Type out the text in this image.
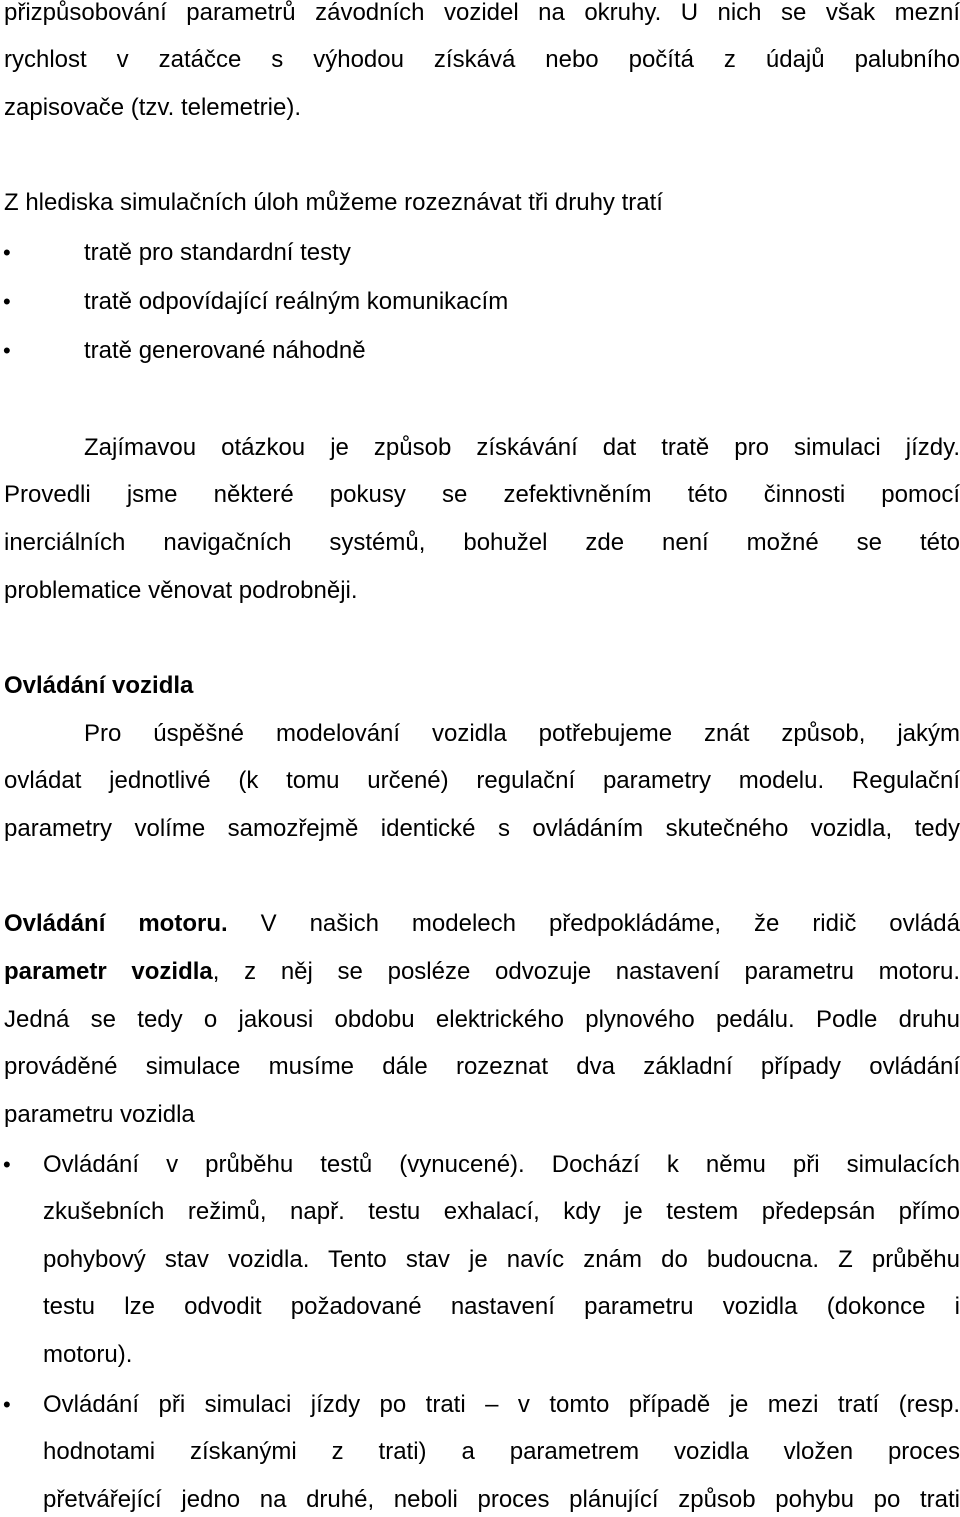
přizpůsobování parametrů závodních vozidel na okruhy. U nich se však mezní
rychlost v zatáčce s výhodou získává nebo počítá z údajů palubního
zapisovače (tzv. telemetrie).
Z hlediska simulačních úloh můžeme rozeznávat tři druhy tratí
•	tratě pro standardní testy
•	tratě odpovídající reálným komunikacím
•	tratě generované náhodně
Zajímavou otázkou je způsob získávání dat tratě pro simulaci jízdy.
Provedli jsme některé pokusy se zefektivněním této činnosti pomocí
inerciálních navigačních systémů, bohužel zde není možné se této
problematice věnovat podrobněji.
Ovládání vozidla
Pro úspěšné modelování vozidla potřebujeme znát způsob, jakým
ovládat jednotlivé (k tomu určené) regulační parametry modelu. Regulační
parametry volíme samozřejmě identické s ovládáním skutečného vozidla, tedy
Ovládání motoru. V našich modelech předpokládáme, že ridič ovládá
parametr vozidla, z něj se posléze odvozuje nastavení parametru motoru.
Jedná se tedy o jakousi obdobu elektrického plynového pedálu. Podle druhu
prováděné simulace musíme dále rozeznat dva základní případy ovládání
parametru vozidla
• Ovládání v průběhu testů (vynucené). Dochází k němu při simulacích
zkušebních režimů, např. testu exhalací, kdy je testem předepsán přímo
pohybový stav vozidla. Tento stav je navíc znám do budoucna. Z průběhu
testu lze odvodit požadované nastavení parametru vozidla (dokonce i
motoru).
• Ovládání při simulaci jízdy po trati – v tomto případě je mezi tratí (resp.
hodnotami získanými z trati) a parametrem vozidla vložen proces
přetvářející jedno na druhé, neboli proces plánující způsob pohybu po trati
